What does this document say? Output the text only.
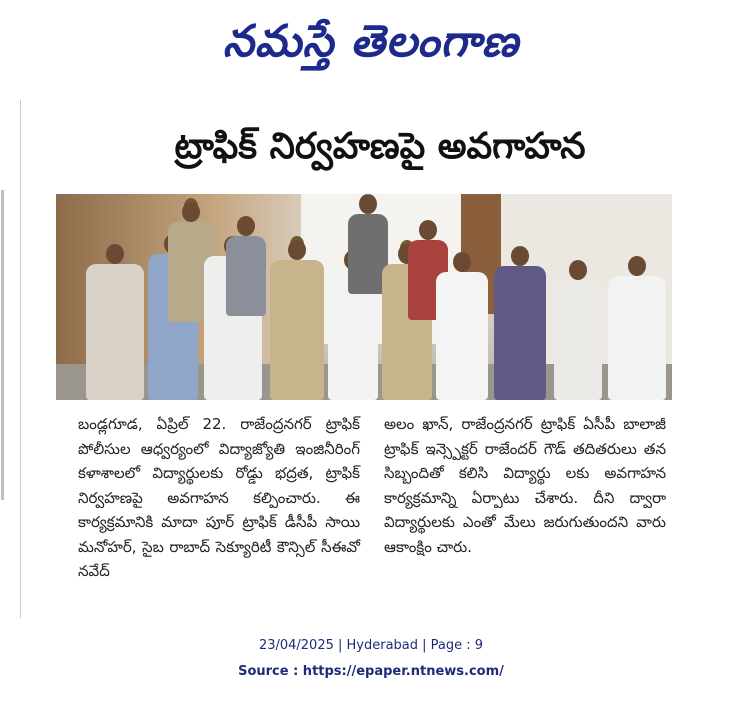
నమస్తే తెలంగాణ
ట్రాఫిక్ నిర్వహణపై అవగాహన

బండ్లగూడ, ఏప్రిల్ 22. రాజేంద్రనగర్ ట్రాఫిక్ పోలీసుల ఆధ్వర్యంలో విద్యాజ్యోతి ఇంజినీరింగ్ కళాశాలలో విద్యార్థులకు రోడ్డు భద్రత, ట్రాఫిక్ నిర్వహణపై అవగాహన కల్పించారు. ఈ కార్యక్రమానికి మాదా పూర్ ట్రాఫిక్ డీసీపీ సాయి మనోహర్, సైబ రాబాద్ సెక్యూరిటీ కౌన్సిల్ సీఈవో నవేద్

అలం ఖాన్, రాజేంద్రనగర్ ట్రాఫిక్ ఏసీపీ బాలాజీ ట్రాఫిక్ ఇన్స్పెక్టర్ రాజేందర్ గౌడ్ తదితరులు తన సిబ్బందితో కలిసి విద్యార్థు లకు అవగాహన కార్యక్రమాన్ని ఏర్పాటు చేశారు. దీని ద్వారా విద్యార్థులకు ఎంతో మేలు జరుగుతుందని వారు ఆకాంక్షిం చారు.

23/04/2025 | Hyderabad | Page : 9
Source : https://epaper.ntnews.com/
